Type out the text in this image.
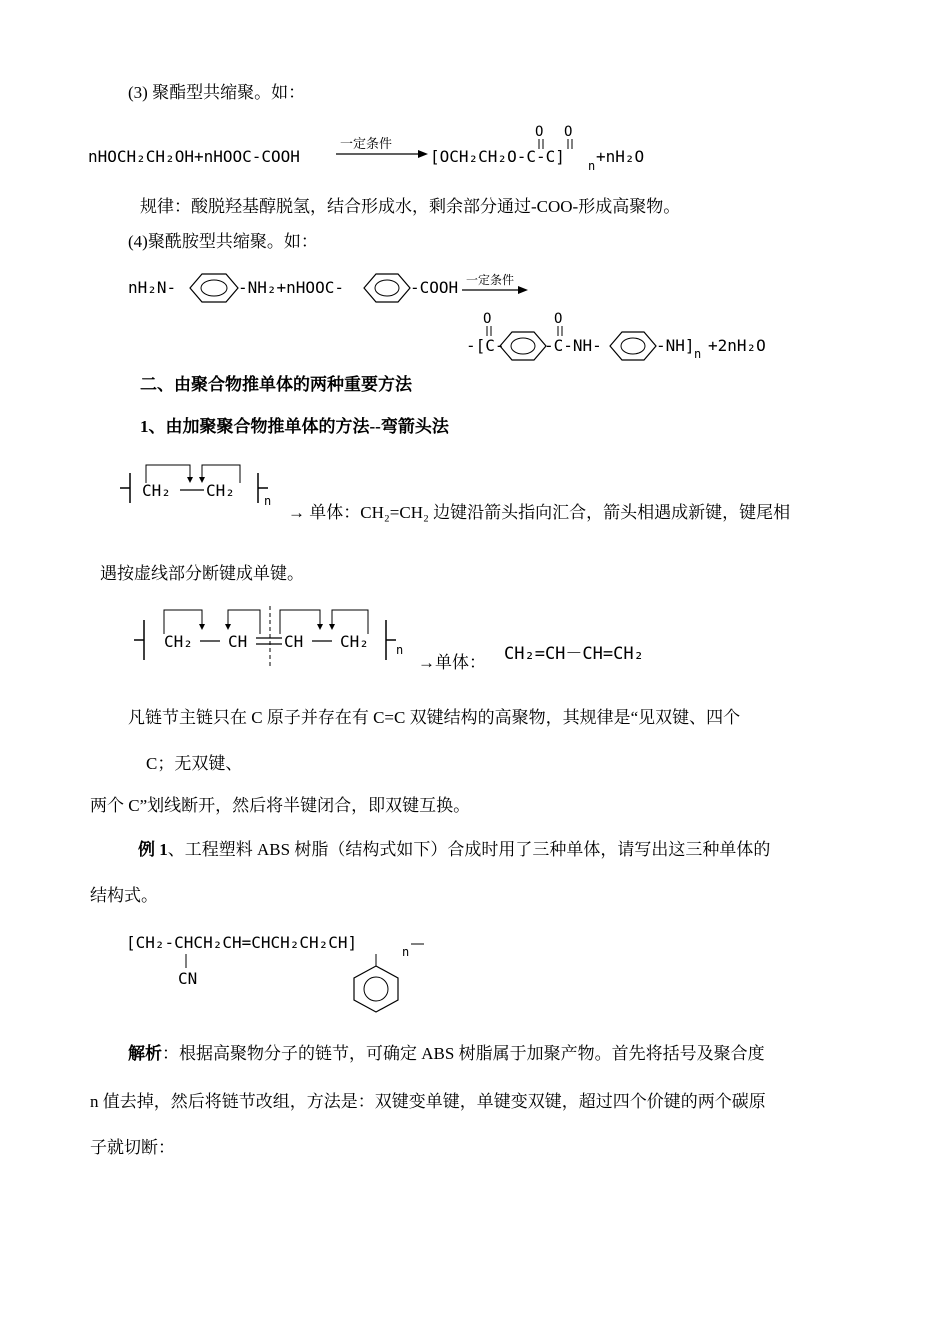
(3) 聚酯型共缩聚。如：
nHOCH₂CH₂OH+nHOOC-COOH
一定条件
[OCH₂CH₂O-C-C]
O O
n +nH₂O
规律：酸脱羟基醇脱氢，结合形成水，剩余部分通过-COO-形成高聚物。
(4)聚酰胺型共缩聚。如：
nH₂N-	-NH₂+nHOOC-	-COOH 一定条件
-[C-
O
-C-NH-
O
-NH] n +2nH₂O
二、由聚合物推单体的两种重要方法
1、由加聚聚合物推单体的方法--弯箭头法
CH₂ CH₂
n
→ 单体：CH₂=CH₂ 边键沿箭头指向汇合，箭头相遇成新键，键尾相
遇按虚线部分断键成单键。
CH₂ CH CH CH₂ n	CH₂=CH－CH=CH₂
→单体：
凡链节主链只在 C 原子并存在有 C=C 双键结构的高聚物，其规律是“见双键、四个
C；无双键、
两个 C”划线断开，然后将半键闭合，即双键互换。
例 1、工程塑料 ABS 树脂（结构式如下）合成时用了三种单体，请写出这三种单体的
结构式。
[CH₂-CHCH₂CH=CHCH₂CH₂CH]	n
CN
解析：根据高聚物分子的链节，可确定 ABS 树脂属于加聚产物。首先将括号及聚合度
n 值去掉，然后将链节改组，方法是：双键变单键，单键变双键，超过四个价键的两个碳原
子就切断：
